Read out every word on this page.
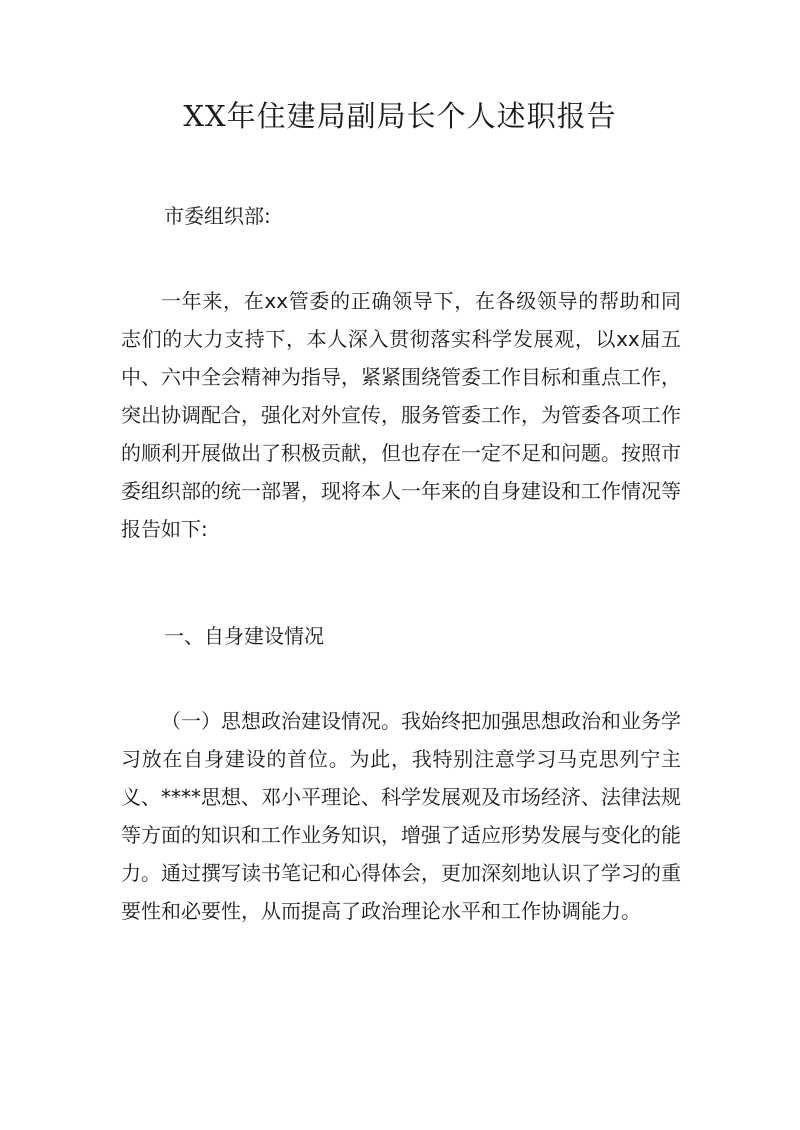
XX年住建局副局长个人述职报告
市委组织部:

一年来，在xx管委的正确领导下，在各级领导的帮助和同志们的大力支持下，本人深入贯彻落实科学发展观，以xx届五中、六中全会精神为指导，紧紧围绕管委工作目标和重点工作，突出协调配合，强化对外宣传，服务管委工作，为管委各项工作的顺利开展做出了积极贡献，但也存在一定不足和问题。按照市委组织部的统一部署，现将本人一年来的自身建设和工作情况等报告如下:

一、自身建设情况

（一）思想政治建设情况。我始终把加强思想政治和业务学习放在自身建设的首位。为此，我特别注意学习马克思列宁主义、****思想、邓小平理论、科学发展观及市场经济、法律法规等方面的知识和工作业务知识，增强了适应形势发展与变化的能力。通过撰写读书笔记和心得体会，更加深刻地认识了学习的重要性和必要性，从而提高了政治理论水平和工作协调能力。
